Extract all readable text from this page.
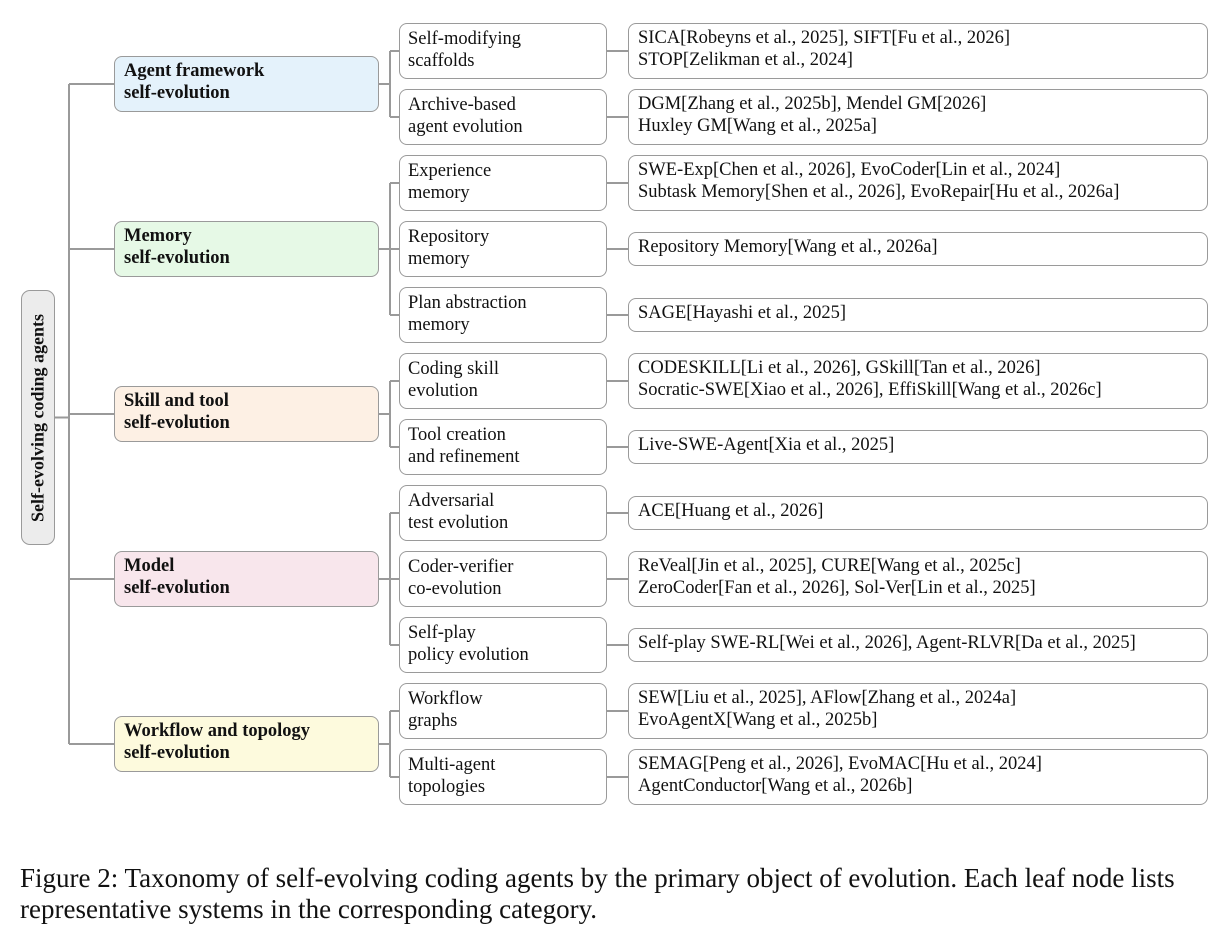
Self-evolving coding agents
Self-modifying
scaffolds
SICA[Robeyns et al., 2025], SIFT[Fu et al., 2026]
STOP[Zelikman et al., 2024]
Archive-based
agent evolution
DGM[Zhang et al., 2025b], Mendel GM[2026]
Huxley GM[Wang et al., 2025a]
Agent framework
self-evolution
Experience
memory
SWE-Exp[Chen et al., 2026], EvoCoder[Lin et al., 2024]
Subtask Memory[Shen et al., 2026], EvoRepair[Hu et al., 2026a]
Repository
memory
Repository Memory[Wang et al., 2026a]
Plan abstraction
memory
SAGE[Hayashi et al., 2025]
Memory
self-evolution
Coding skill
evolution
CODESKILL[Li et al., 2026], GSkill[Tan et al., 2026]
Socratic-SWE[Xiao et al., 2026], EffiSkill[Wang et al., 2026c]
Tool creation
and refinement
Live-SWE-Agent[Xia et al., 2025]
Skill and tool
self-evolution
Adversarial
test evolution
ACE[Huang et al., 2026]
Coder-verifier
co-evolution
ReVeal[Jin et al., 2025], CURE[Wang et al., 2025c]
ZeroCoder[Fan et al., 2026], Sol-Ver[Lin et al., 2025]
Self-play
policy evolution
Self-play SWE-RL[Wei et al., 2026], Agent-RLVR[Da et al., 2025]
Model
self-evolution
Workflow
graphs
SEW[Liu et al., 2025], AFlow[Zhang et al., 2024a]
EvoAgentX[Wang et al., 2025b]
Multi-agent
topologies
SEMAG[Peng et al., 2026], EvoMAC[Hu et al., 2024]
AgentConductor[Wang et al., 2026b]
Workflow and topology
self-evolution
Figure 2: Taxonomy of self-evolving coding agents by the primary object of evolution. Each leaf node lists representative systems in the corresponding category.
